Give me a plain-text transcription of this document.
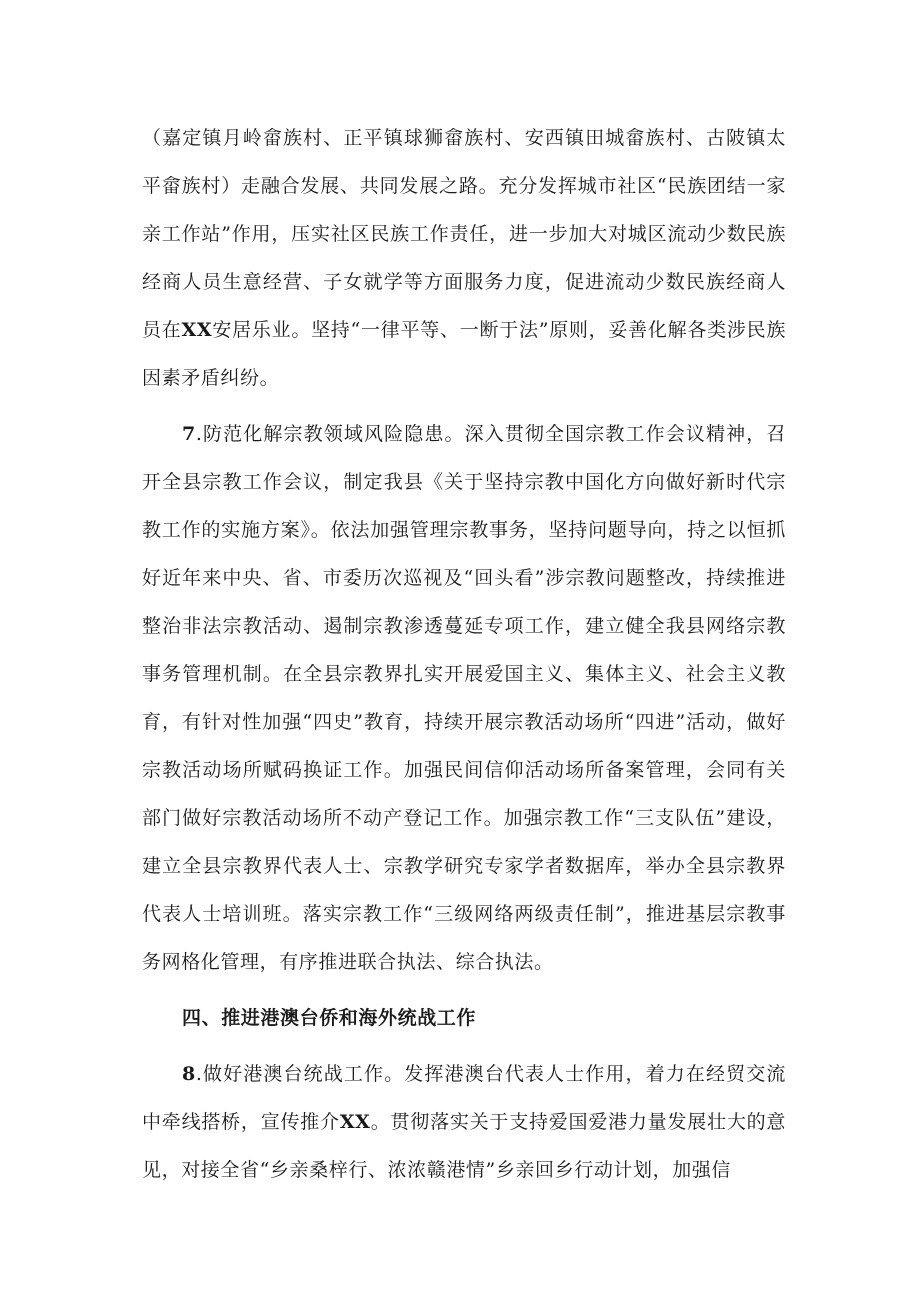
（嘉定镇月岭畲族村、正平镇球狮畲族村、安西镇田城畲族村、古陂镇太平畲族村）走融合发展、共同发展之路。充分发挥城市社区“民族团结一家亲工作站”作用，压实社区民族工作责任，进一步加大对城区流动少数民族经商人员生意经营、子女就学等方面服务力度，促进流动少数民族经商人员在XX安居乐业。坚持“一律平等、一断于法”原则，妥善化解各类涉民族因素矛盾纠纷。

7.防范化解宗教领域风险隐患。深入贯彻全国宗教工作会议精神，召开全县宗教工作会议，制定我县《关于坚持宗教中国化方向做好新时代宗教工作的实施方案》。依法加强管理宗教事务，坚持问题导向，持之以恒抓好近年来中央、省、市委历次巡视及“回头看”涉宗教问题整改，持续推进整治非法宗教活动、遏制宗教渗透蔓延专项工作，建立健全我县网络宗教事务管理机制。在全县宗教界扎实开展爱国主义、集体主义、社会主义教育，有针对性加强“四史”教育，持续开展宗教活动场所“四进”活动，做好宗教活动场所赋码换证工作。加强民间信仰活动场所备案管理，会同有关部门做好宗教活动场所不动产登记工作。加强宗教工作“三支队伍”建设，建立全县宗教界代表人士、宗教学研究专家学者数据库，举办全县宗教界代表人士培训班。落实宗教工作“三级网络两级责任制”，推进基层宗教事务网格化管理，有序推进联合执法、综合执法。

四、推进港澳台侨和海外统战工作

8.做好港澳台统战工作。发挥港澳台代表人士作用，着力在经贸交流中牵线搭桥，宣传推介XX。贯彻落实关于支持爱国爱港力量发展壮大的意见，对接全省“乡亲桑梓行、浓浓赣港情”乡亲回乡行动计划，加强信
